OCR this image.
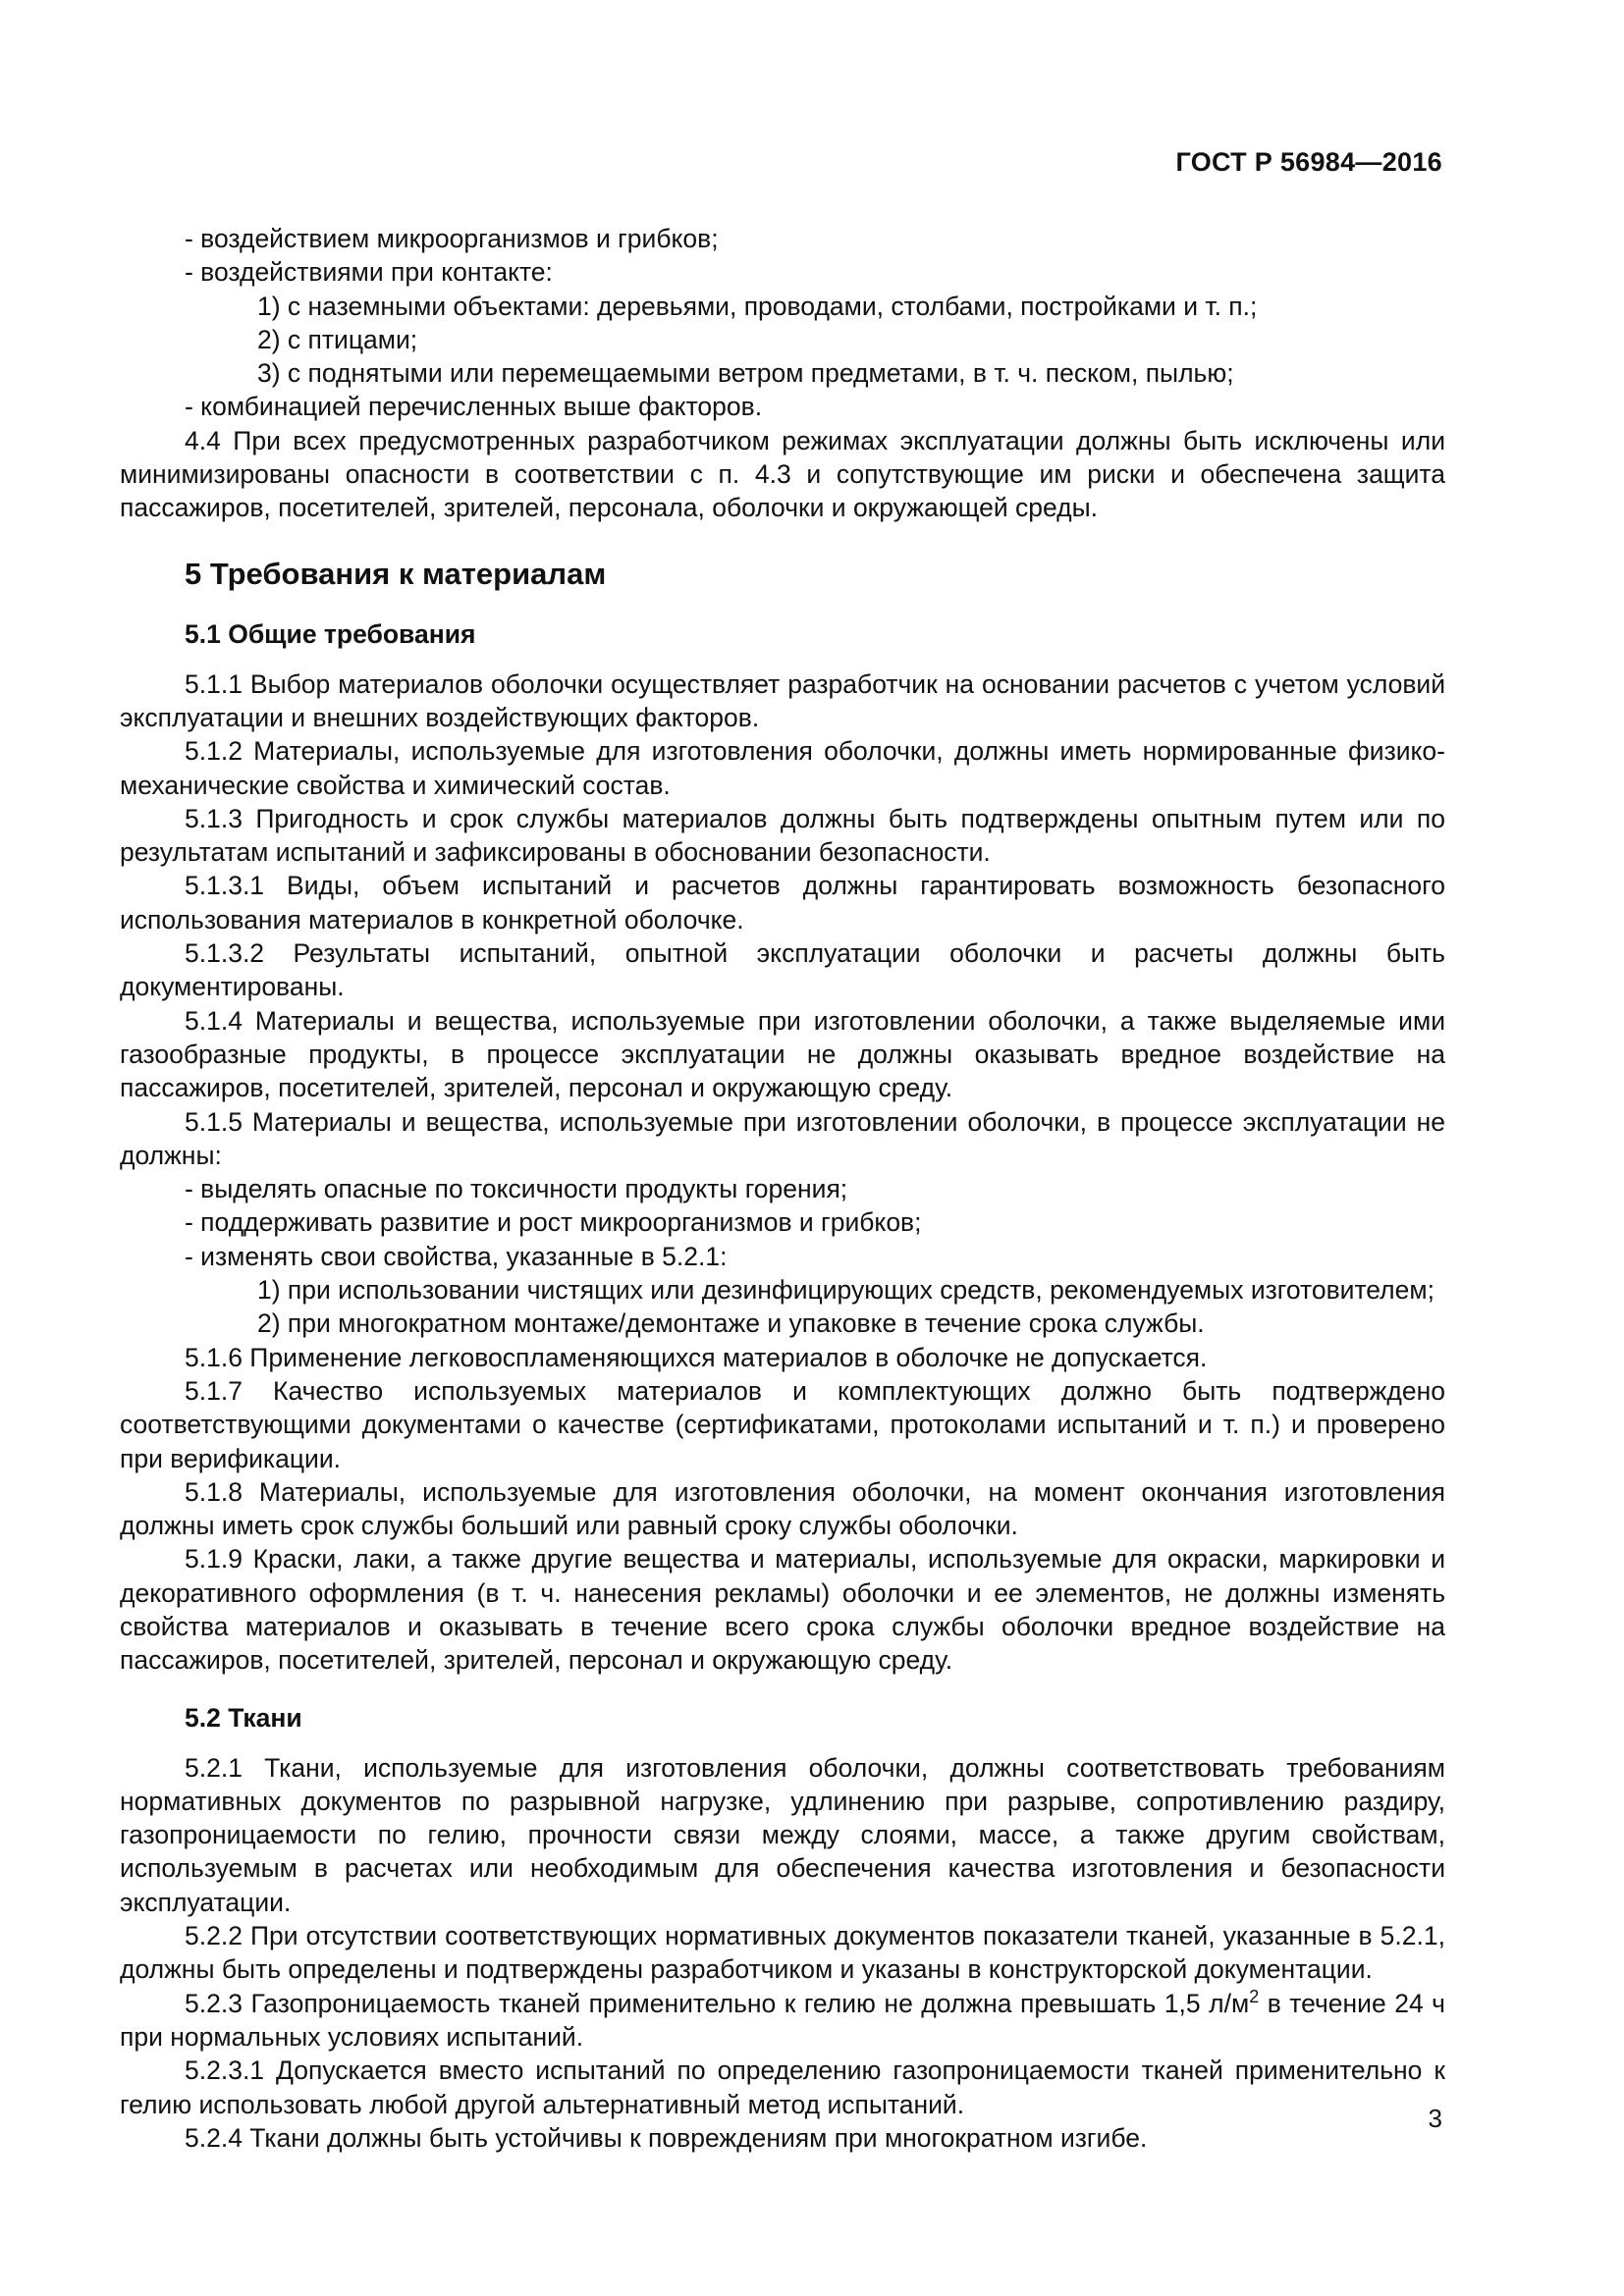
ГОСТ Р 56984—2016
- воздействием микроорганизмов и грибков;
- воздействиями при контакте:
1) с наземными объектами: деревьями, проводами, столбами, постройками и т. п.;
2) с птицами;
3) с поднятыми или перемещаемыми ветром предметами, в т. ч. песком, пылью;
- комбинацией перечисленных выше факторов.
4.4 При всех предусмотренных разработчиком режимах эксплуатации должны быть исключены или минимизированы опасности в соответствии с п. 4.3 и сопутствующие им риски и обеспечена защита пассажиров, посетителей, зрителей, персонала, оболочки и окружающей среды.
5 Требования к материалам
5.1 Общие требования
5.1.1 Выбор материалов оболочки осуществляет разработчик на основании расчетов с учетом условий эксплуатации и внешних воздействующих факторов.
5.1.2 Материалы, используемые для изготовления оболочки, должны иметь нормированные физико-механические свойства и химический состав.
5.1.3 Пригодность и срок службы материалов должны быть подтверждены опытным путем или по результатам испытаний и зафиксированы в обосновании безопасности.
5.1.3.1 Виды, объем испытаний и расчетов должны гарантировать возможность безопасного использования материалов в конкретной оболочке.
5.1.3.2 Результаты испытаний, опытной эксплуатации оболочки и расчеты должны быть документированы.
5.1.4 Материалы и вещества, используемые при изготовлении оболочки, а также выделяемые ими газообразные продукты, в процессе эксплуатации не должны оказывать вредное воздействие на пассажиров, посетителей, зрителей, персонал и окружающую среду.
5.1.5 Материалы и вещества, используемые при изготовлении оболочки, в процессе эксплуатации не должны:
- выделять опасные по токсичности продукты горения;
- поддерживать развитие и рост микроорганизмов и грибков;
- изменять свои свойства, указанные в 5.2.1:
1) при использовании чистящих или дезинфицирующих средств, рекомендуемых изготовителем;
2) при многократном монтаже/демонтаже и упаковке в течение срока службы.
5.1.6 Применение легковоспламеняющихся материалов в оболочке не допускается.
5.1.7 Качество используемых материалов и комплектующих должно быть подтверждено соответствующими документами о качестве (сертификатами, протоколами испытаний и т. п.) и проверено при верификации.
5.1.8 Материалы, используемые для изготовления оболочки, на момент окончания изготовления должны иметь срок службы больший или равный сроку службы оболочки.
5.1.9 Краски, лаки, а также другие вещества и материалы, используемые для окраски, маркировки и декоративного оформления (в т. ч. нанесения рекламы) оболочки и ее элементов, не должны изменять свойства материалов и оказывать в течение всего срока службы оболочки вредное воздействие на пассажиров, посетителей, зрителей, персонал и окружающую среду.
5.2 Ткани
5.2.1 Ткани, используемые для изготовления оболочки, должны соответствовать требованиям нормативных документов по разрывной нагрузке, удлинению при разрыве, сопротивлению раздиру, газопроницаемости по гелию, прочности связи между слоями, массе, а также другим свойствам, используемым в расчетах или необходимым для обеспечения качества изготовления и безопасности эксплуатации.
5.2.2 При отсутствии соответствующих нормативных документов показатели тканей, указанные в 5.2.1, должны быть определены и подтверждены разработчиком и указаны в конструкторской документации.
5.2.3 Газопроницаемость тканей применительно к гелию не должна превышать 1,5 $л/м^2$ в течение 24 ч при нормальных условиях испытаний.
5.2.3.1 Допускается вместо испытаний по определению газопроницаемости тканей применительно к гелию использовать любой другой альтернативный метод испытаний.
5.2.4 Ткани должны быть устойчивы к повреждениям при многократном изгибе.
3
